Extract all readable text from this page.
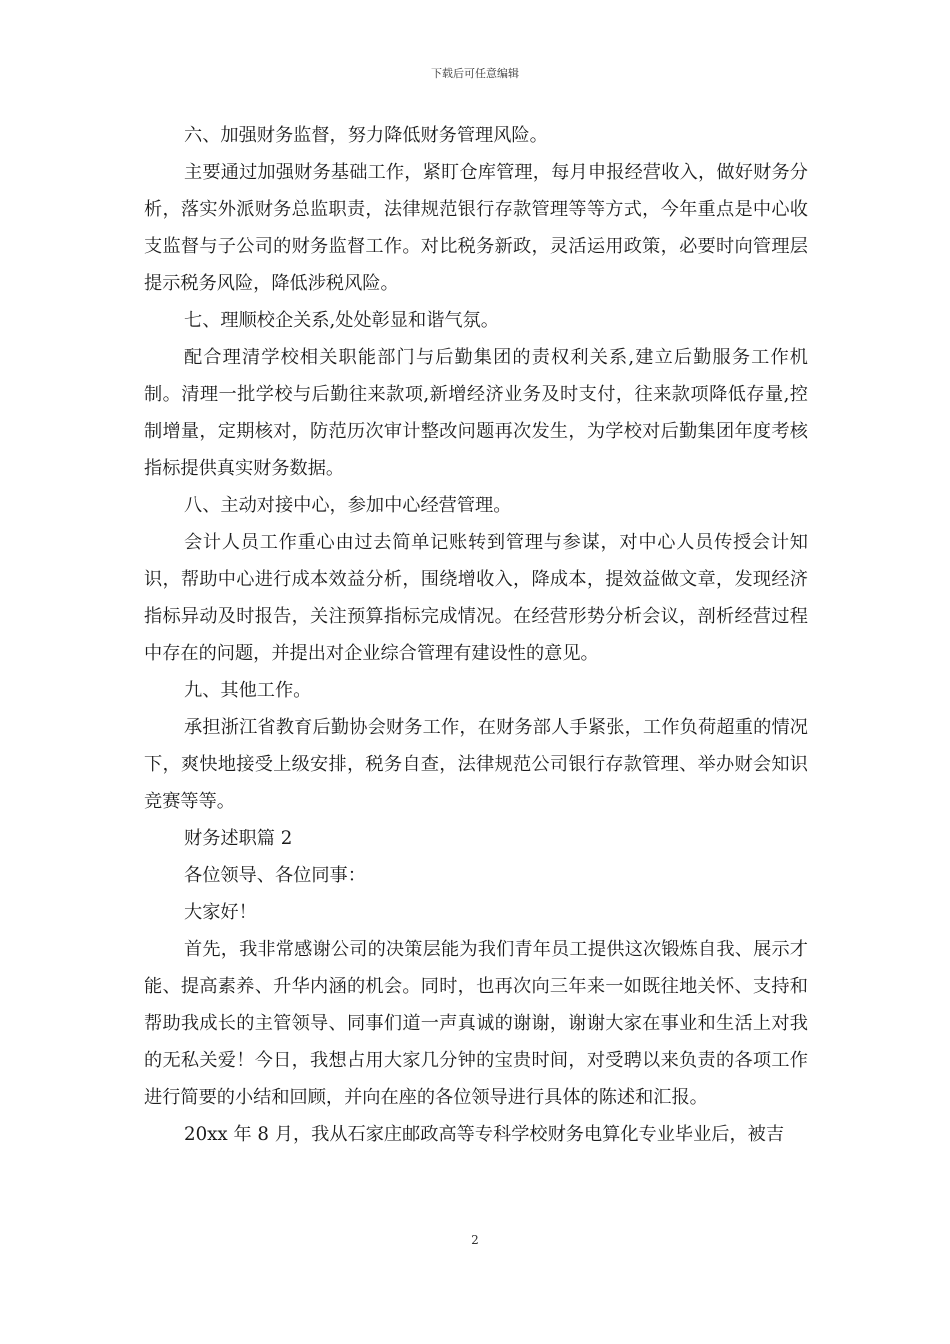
下载后可任意编辑

六、加强财务监督，努力降低财务管理风险。

主要通过加强财务基础工作，紧盯仓库管理，每月申报经营收入，做好财务分析，落实外派财务总监职责，法律规范银行存款管理等等方式，今年重点是中心收支监督与子公司的财务监督工作。对比税务新政，灵活运用政策，必要时向管理层提示税务风险，降低涉税风险。

七、理顺校企关系,处处彰显和谐气氛。

配合理清学校相关职能部门与后勤集团的责权利关系,建立后勤服务工作机制。清理一批学校与后勤往来款项,新增经济业务及时支付，往来款项降低存量,控制增量，定期核对，防范历次审计整改问题再次发生，为学校对后勤集团年度考核指标提供真实财务数据。

八、主动对接中心，参加中心经营管理。

会计人员工作重心由过去简单记账转到管理与参谋，对中心人员传授会计知识，帮助中心进行成本效益分析，围绕增收入，降成本，提效益做文章，发现经济指标异动及时报告，关注预算指标完成情况。在经营形势分析会议，剖析经营过程中存在的问题，并提出对企业综合管理有建设性的意见。

九、其他工作。

承担浙江省教育后勤协会财务工作，在财务部人手紧张，工作负荷超重的情况下，爽快地接受上级安排，税务自查，法律规范公司银行存款管理、举办财会知识竞赛等等。

财务述职篇 2

各位领导、各位同事：

大家好！

首先，我非常感谢公司的决策层能为我们青年员工提供这次锻炼自我、展示才能、提高素养、升华内涵的机会。同时，也再次向三年来一如既往地关怀、支持和帮助我成长的主管领导、同事们道一声真诚的谢谢，谢谢大家在事业和生活上对我的无私关爱！今日，我想占用大家几分钟的宝贵时间，对受聘以来负责的各项工作进行简要的小结和回顾，并向在座的各位领导进行具体的陈述和汇报。

20xx 年 8 月，我从石家庄邮政高等专科学校财务电算化专业毕业后，被吉

2
